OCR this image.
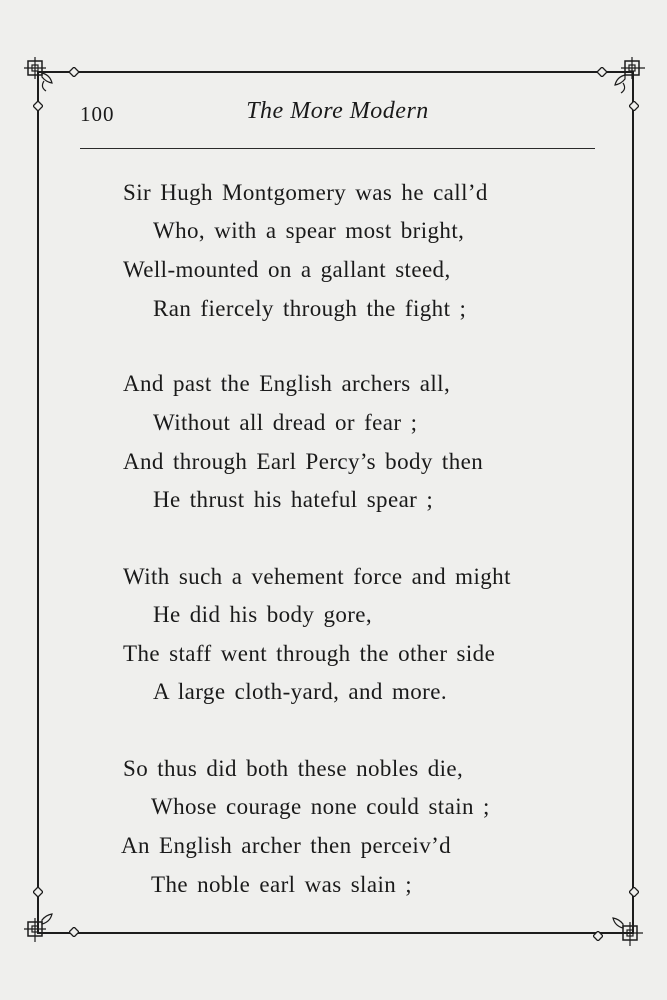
100	The More Modern
Sir Hugh Montgomery was he call’d
Who, with a spear most bright,
Well-mounted on a gallant steed,
Ran fiercely through the fight ;
And past the English archers all,
Without all dread or fear ;
And through Earl Percy’s body then
He thrust his hateful spear ;
With such a vehement force and might
He did his body gore,
The staff went through the other side
A large cloth-yard, and more.
So thus did both these nobles die,
Whose courage none could stain ;
An English archer then perceiv’d
The noble earl was slain ;
